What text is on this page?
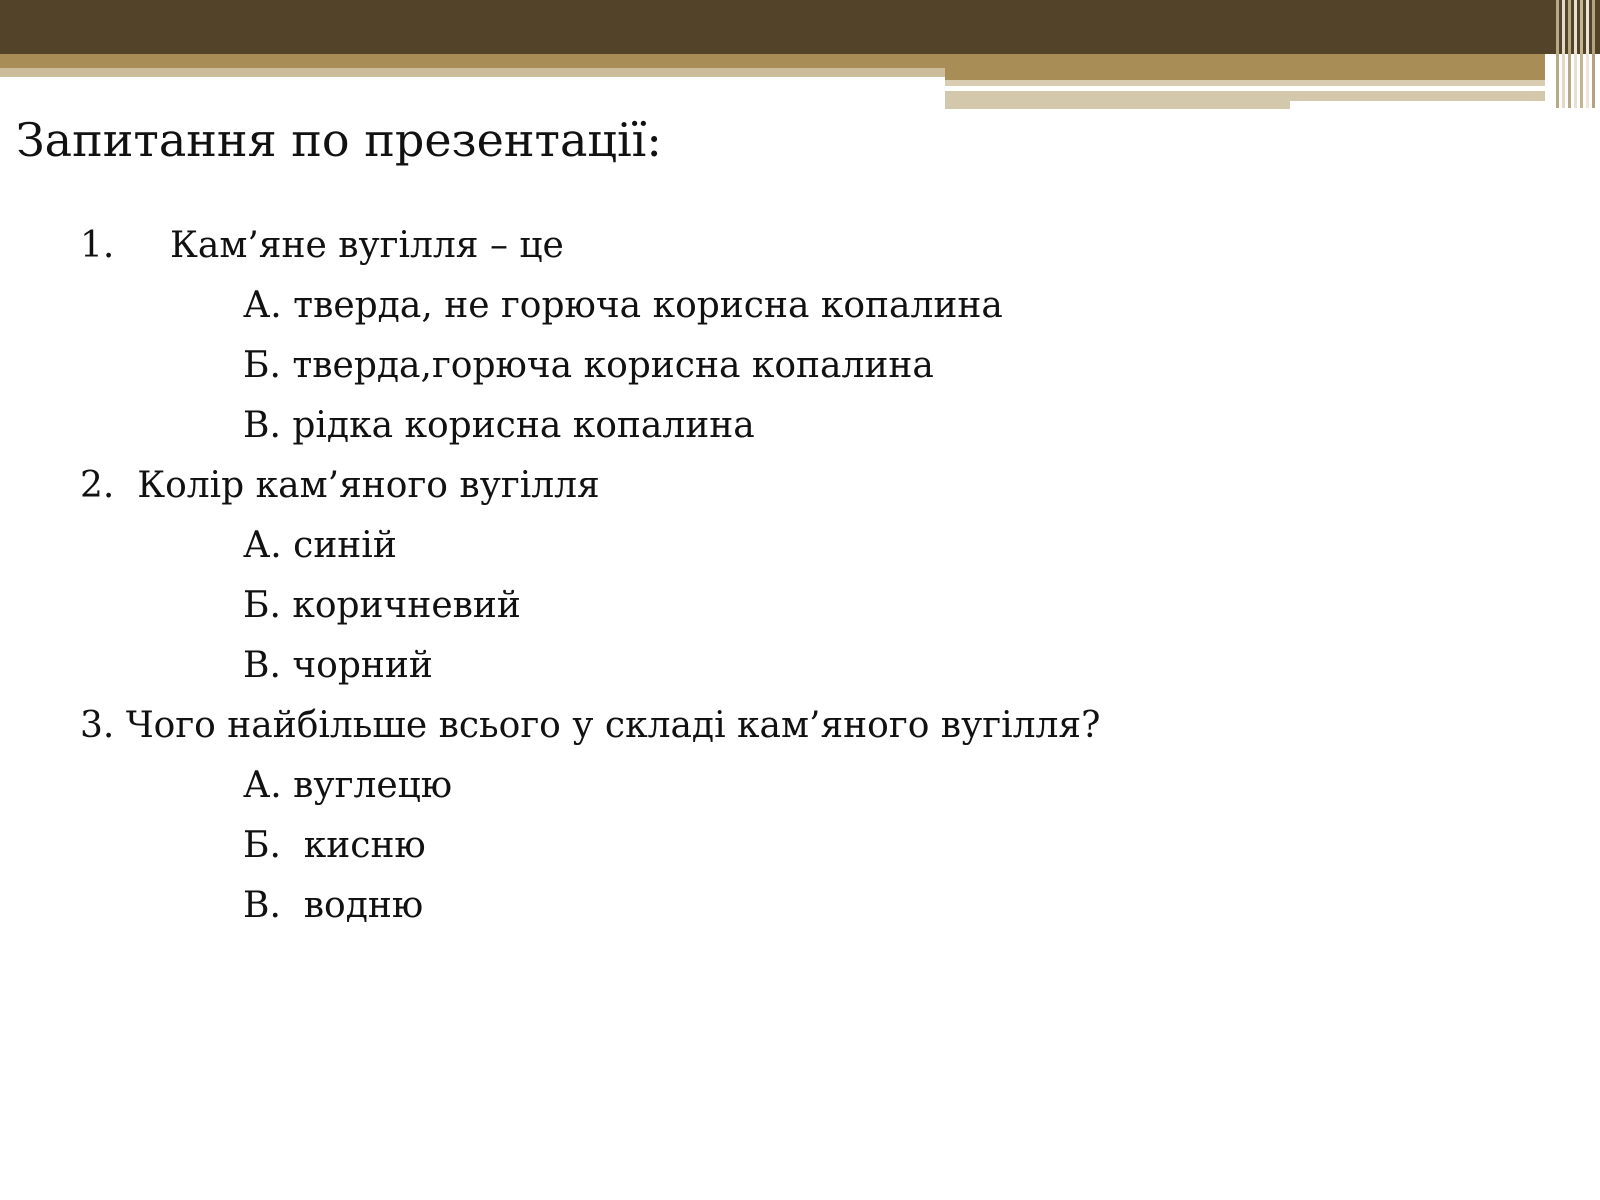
Запитання по презентації:
1. Кам’яне вугілля – це
А. тверда, не горюча корисна копалина
Б. тверда,горюча корисна копалина
В. рідка корисна копалина
2. Колір кам’яного вугілля
А. синій
Б. коричневий
В. чорний
3. Чого найбільше всього у складі кам’яного вугілля?
А. вуглецю
Б.  кисню
В.  водню
